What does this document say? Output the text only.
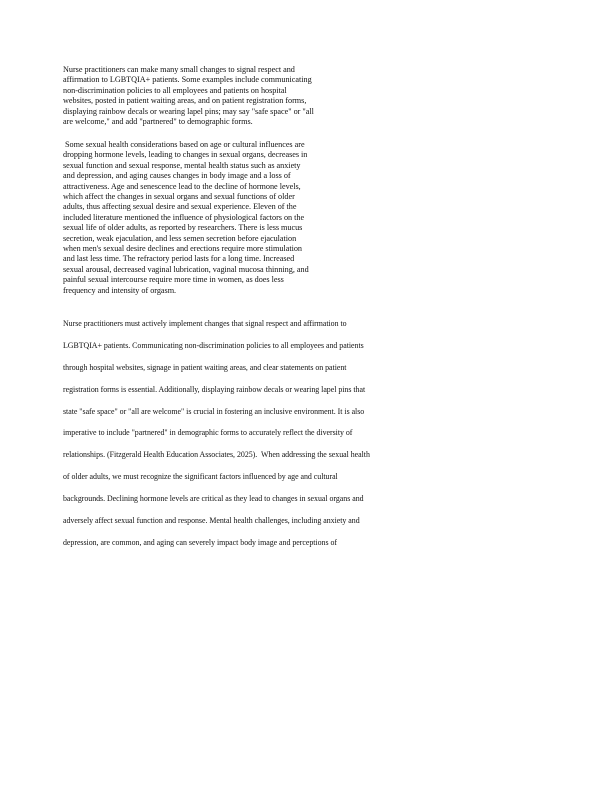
Nurse practitioners can make many small changes to signal respect and
affirmation to LGBTQIA+ patients. Some examples include communicating
non-discrimination policies to all employees and patients on hospital
websites, posted in patient waiting areas, and on patient registration forms,
displaying rainbow decals or wearing lapel pins; may say "safe space" or "all
are welcome," and add "partnered" to demographic forms.
Some sexual health considerations based on age or cultural influences are
dropping hormone levels, leading to changes in sexual organs, decreases in
sexual function and sexual response, mental health status such as anxiety
and depression, and aging causes changes in body image and a loss of
attractiveness. Age and senescence lead to the decline of hormone levels,
which affect the changes in sexual organs and sexual functions of older
adults, thus affecting sexual desire and sexual experience. Eleven of the
included literature mentioned the influence of physiological factors on the
sexual life of older adults, as reported by researchers. There is less mucus
secretion, weak ejaculation, and less semen secretion before ejaculation
when men's sexual desire declines and erections require more stimulation
and last less time. The refractory period lasts for a long time. Increased
sexual arousal, decreased vaginal lubrication, vaginal mucosa thinning, and
painful sexual intercourse require more time in women, as does less
frequency and intensity of orgasm.
Nurse practitioners must actively implement changes that signal respect and affirmation to
LGBTQIA+ patients. Communicating non-discrimination policies to all employees and patients
through hospital websites, signage in patient waiting areas, and clear statements on patient
registration forms is essential. Additionally, displaying rainbow decals or wearing lapel pins that
state "safe space" or "all are welcome" is crucial in fostering an inclusive environment. It is also
imperative to include "partnered" in demographic forms to accurately reflect the diversity of
relationships. (Fitzgerald Health Education Associates, 2025).  When addressing the sexual health
of older adults, we must recognize the significant factors influenced by age and cultural
backgrounds. Declining hormone levels are critical as they lead to changes in sexual organs and
adversely affect sexual function and response. Mental health challenges, including anxiety and
depression, are common, and aging can severely impact body image and perceptions of
